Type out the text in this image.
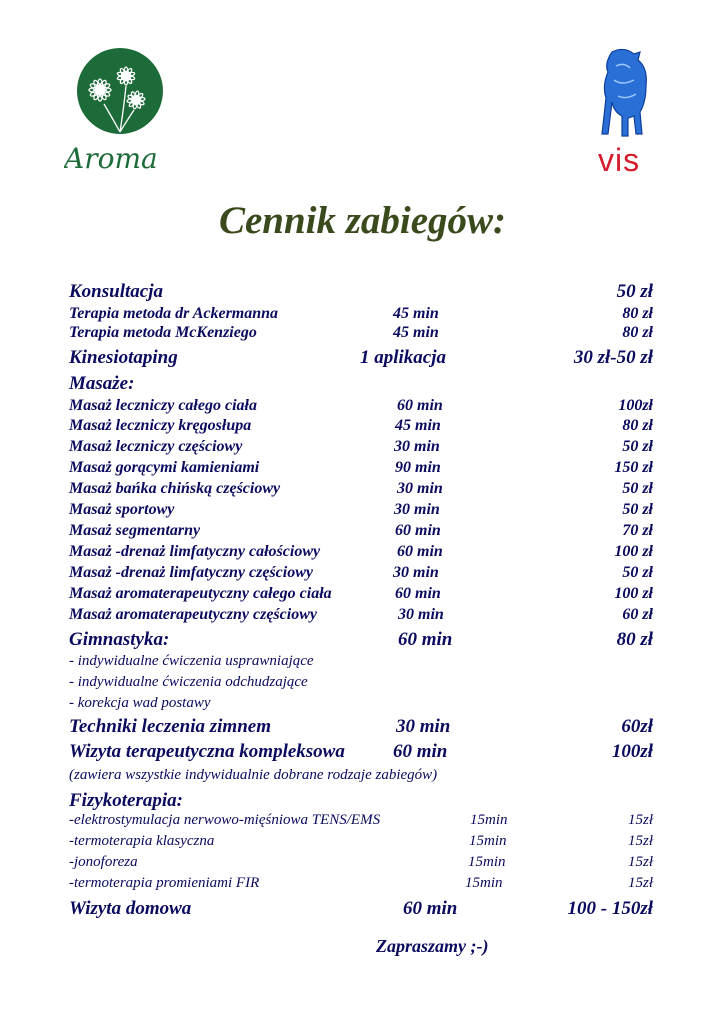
Aroma	vis
Cennik zabiegów:
Konsultacja	50 zł
Terapia metoda dr Ackermanna	45 min	80 zł
Terapia metoda McKenziego	45 min	80 zł
Kinesiotaping	1 aplikacja	30 zł-50 zł
Masaże:
Masaż leczniczy całego ciała	60 min	100zł
Masaż leczniczy kręgosłupa	45 min	80 zł
Masaż leczniczy częściowy	30 min	50 zł
Masaż gorącymi kamieniami	90 min	150 zł
Masaż bańka chińską częściowy	30 min	50 zł
Masaż sportowy	30 min	50 zł
Masaż segmentarny	60 min	70 zł
Masaż -drenaż limfatyczny całościowy	60 min	100 zł
Masaż -drenaż limfatyczny częściowy	30 min	50 zł
Masaż aromaterapeutyczny całego ciała	60 min	100 zł
Masaż aromaterapeutyczny częściowy	30 min	60 zł
Gimnastyka:	60 min	80 zł
- indywidualne ćwiczenia usprawniające
- indywidualne ćwiczenia odchudzające
- korekcja wad postawy
Techniki leczenia zimnem	30 min	60zł
Wizyta terapeutyczna kompleksowa	60 min	100zł
(zawiera wszystkie indywidualnie dobrane rodzaje zabiegów)
Fizykoterapia:
-elektrostymulacja nerwowo-mięśniowa TENS/EMS	15min	15zł
-termoterapia klasyczna	15min	15zł
-jonoforeza	15min	15zł
-termoterapia promieniami FIR	15min	15zł
Wizyta domowa	60 min	100 - 150zł
Zapraszamy ;-)
